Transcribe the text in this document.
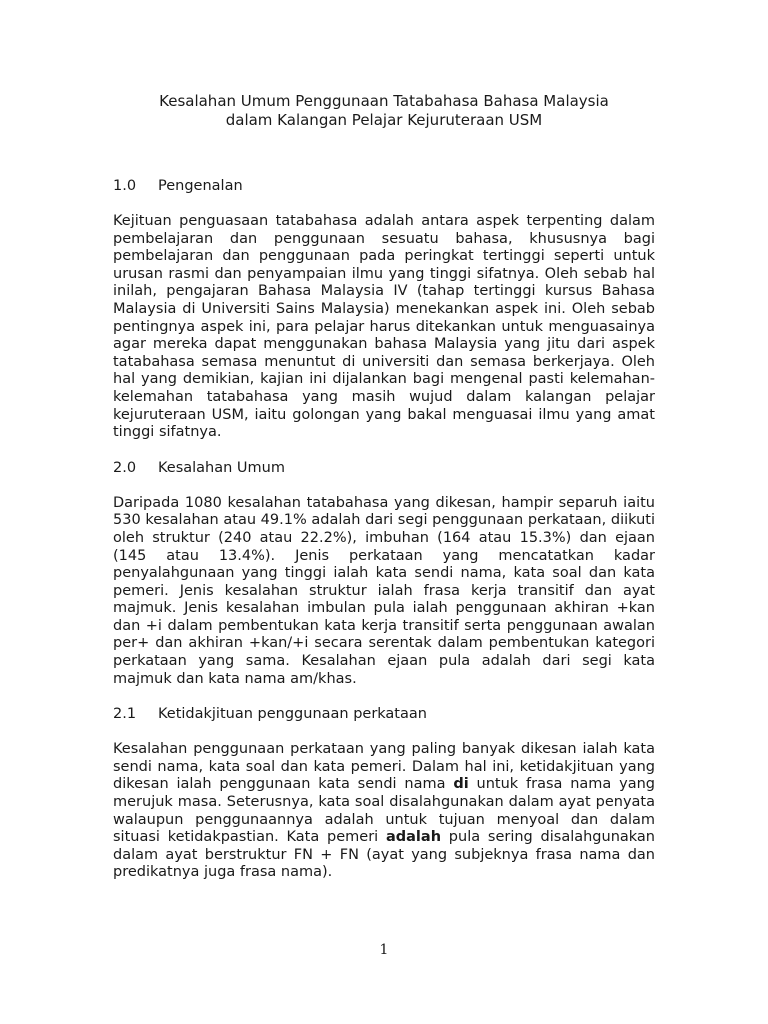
Kesalahan Umum Penggunaan Tatabahasa Bahasa Malaysia
dalam Kalangan Pelajar Kejuruteraan USM
1.0	Pengenalan

Kejituan penguasaan tatabahasa adalah antara aspek terpenting dalam pembelajaran dan penggunaan sesuatu bahasa, khususnya bagi pembelajaran dan penggunaan pada peringkat tertinggi seperti untuk urusan rasmi dan penyampaian ilmu yang tinggi sifatnya. Oleh sebab hal inilah, pengajaran Bahasa Malaysia IV (tahap tertinggi kursus Bahasa Malaysia di Universiti Sains Malaysia) menekankan aspek ini. Oleh sebab pentingnya aspek ini, para pelajar harus ditekankan untuk menguasainya agar mereka dapat menggunakan bahasa Malaysia yang jitu dari aspek tatabahasa semasa menuntut di universiti dan semasa berkerjaya. Oleh hal yang demikian, kajian ini dijalankan bagi mengenal pasti kelemahan-kelemahan tatabahasa yang masih wujud dalam kalangan pelajar kejuruteraan USM, iaitu golongan yang bakal menguasai ilmu yang amat tinggi sifatnya.

2.0	Kesalahan Umum

Daripada 1080 kesalahan tatabahasa yang dikesan, hampir separuh iaitu 530 kesalahan atau 49.1% adalah dari segi penggunaan perkataan, diikuti oleh struktur (240 atau 22.2%), imbuhan (164 atau 15.3%) dan ejaan (145 atau 13.4%). Jenis perkataan yang mencatatkan kadar penyalahgunaan yang tinggi ialah kata sendi nama, kata soal dan kata pemeri. Jenis kesalahan struktur ialah frasa kerja transitif dan ayat majmuk. Jenis kesalahan imbulan pula ialah penggunaan akhiran +kan dan +i dalam pembentukan kata kerja transitif serta penggunaan awalan per+ dan akhiran +kan/+i secara serentak dalam pembentukan kategori perkataan yang sama. Kesalahan ejaan pula adalah dari segi kata majmuk dan kata nama am/khas.

2.1	Ketidakjituan penggunaan perkataan

Kesalahan penggunaan perkataan yang paling banyak dikesan ialah kata sendi nama, kata soal dan kata pemeri. Dalam hal ini, ketidakjituan yang dikesan ialah penggunaan kata sendi nama di untuk frasa nama yang merujuk masa. Seterusnya, kata soal disalahgunakan dalam ayat penyata walaupun penggunaannya adalah untuk tujuan menyoal dan dalam situasi ketidakpastian. Kata pemeri adalah pula sering disalahgunakan dalam ayat berstruktur FN + FN (ayat yang subjeknya frasa nama dan predikatnya juga frasa nama).

1
